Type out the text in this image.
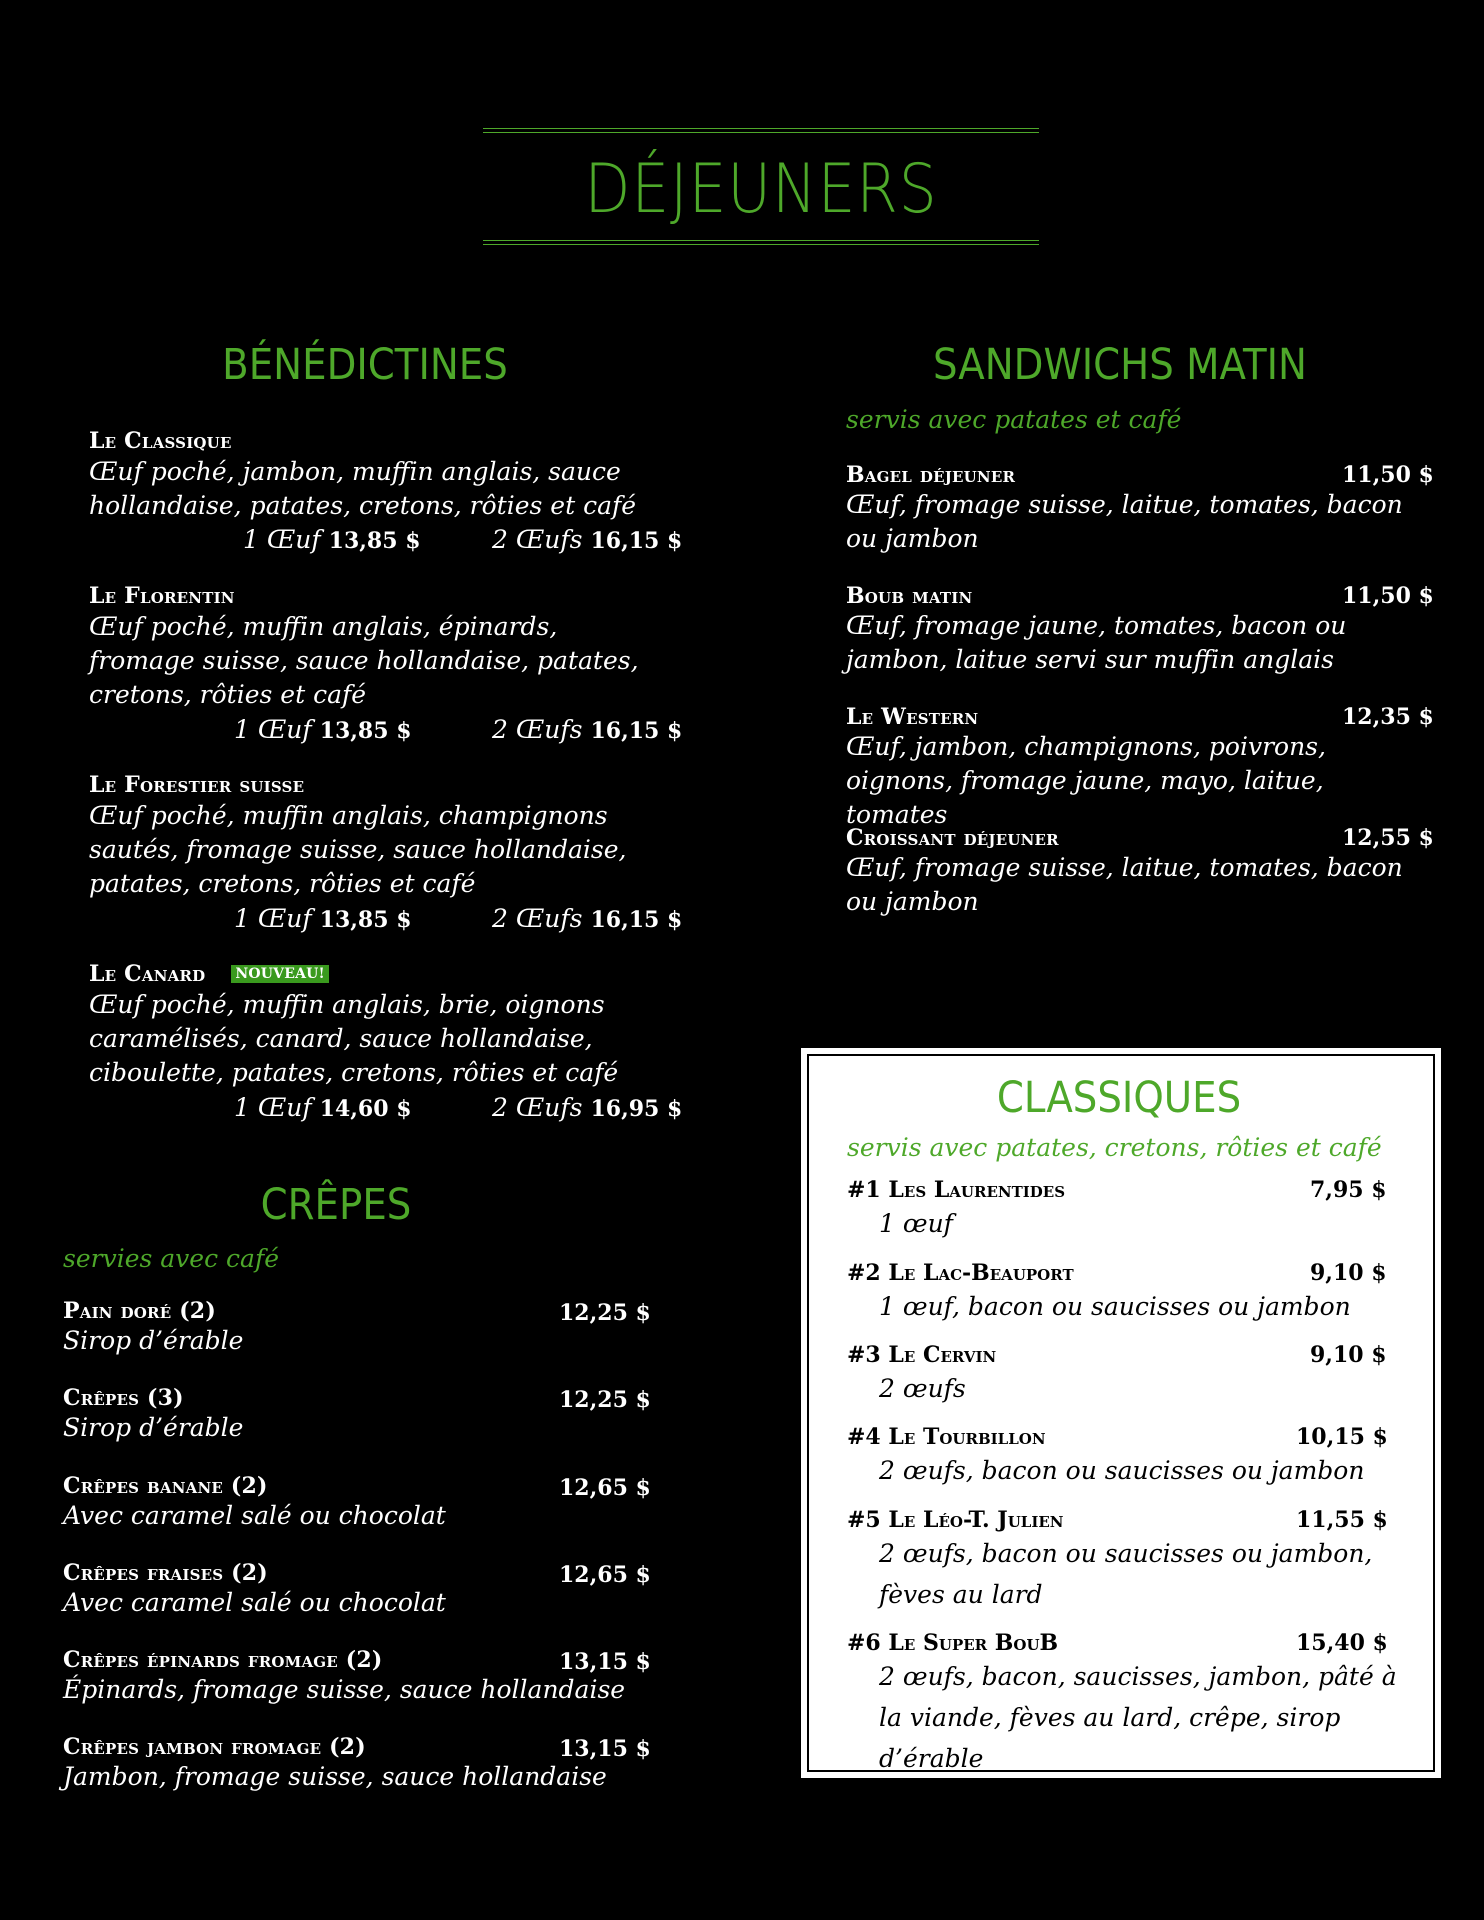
DÉJEUNERS
BÉNÉDICTINES
Le Classique
Œuf poché, jambon, muffin anglais, sauce hollandaise, patates, cretons, rôties et café
1 Œuf 13,85 $	2 Œufs 16,15 $
Le Florentin
Œuf poché, muffin anglais, épinards, fromage suisse, sauce hollandaise, patates, cretons, rôties et café
1 Œuf 13,85 $	2 Œufs 16,15 $
Le Forestier suisse
Œuf poché, muffin anglais, champignons sautés, fromage suisse, sauce hollandaise, patates, cretons, rôties et café
1 Œuf 13,85 $	2 Œufs 16,15 $
Le Canard NOUVEAU!
Œuf poché, muffin anglais, brie, oignons caramélisés, canard, sauce hollandaise, ciboulette, patates, cretons, rôties et café
1 Œuf 14,60 $	2 Œufs 16,95 $
CRÊPES
servies avec café
Pain doré (2)
Sirop d’érable
12,25 $
Crêpes (3)
Sirop d’érable
12,25 $
Crêpes banane (2)
Avec caramel salé ou chocolat
12,65 $
Crêpes fraises (2)
Avec caramel salé ou chocolat
12,65 $
Crêpes épinards fromage (2)
Épinards, fromage suisse, sauce hollandaise
13,15 $
Crêpes jambon fromage (2)
Jambon, fromage suisse, sauce hollandaise
13,15 $
SANDWICHS MATIN
servis avec patates et café
Bagel déjeuner
Œuf, fromage suisse, laitue, tomates, bacon ou jambon
11,50 $
Boub matin
Œuf, fromage jaune, tomates, bacon ou jambon, laitue servi sur muffin anglais
11,50 $
Le Western
Œuf, jambon, champignons, poivrons, oignons, fromage jaune, mayo, laitue, tomates
12,35 $
Croissant déjeuner
Œuf, fromage suisse, laitue, tomates, bacon ou jambon
12,55 $
CLASSIQUES
servis avec patates, cretons, rôties et café
#1 Les Laurentides
1 œuf
7,95 $
#2 Le Lac-Beauport
1 œuf, bacon ou saucisses ou jambon
9,10 $
#3 Le Cervin
2 œufs
9,10 $
#4 Le Tourbillon
2 œufs, bacon ou saucisses ou jambon
10,15 $
#5 Le Léo-T. Julien
2 œufs, bacon ou saucisses ou jambon, fèves au lard
11,55 $
#6 Le Super BouB
2 œufs, bacon, saucisses, jambon, pâté à la viande, fèves au lard, crêpe, sirop d’érable
15,40 $
